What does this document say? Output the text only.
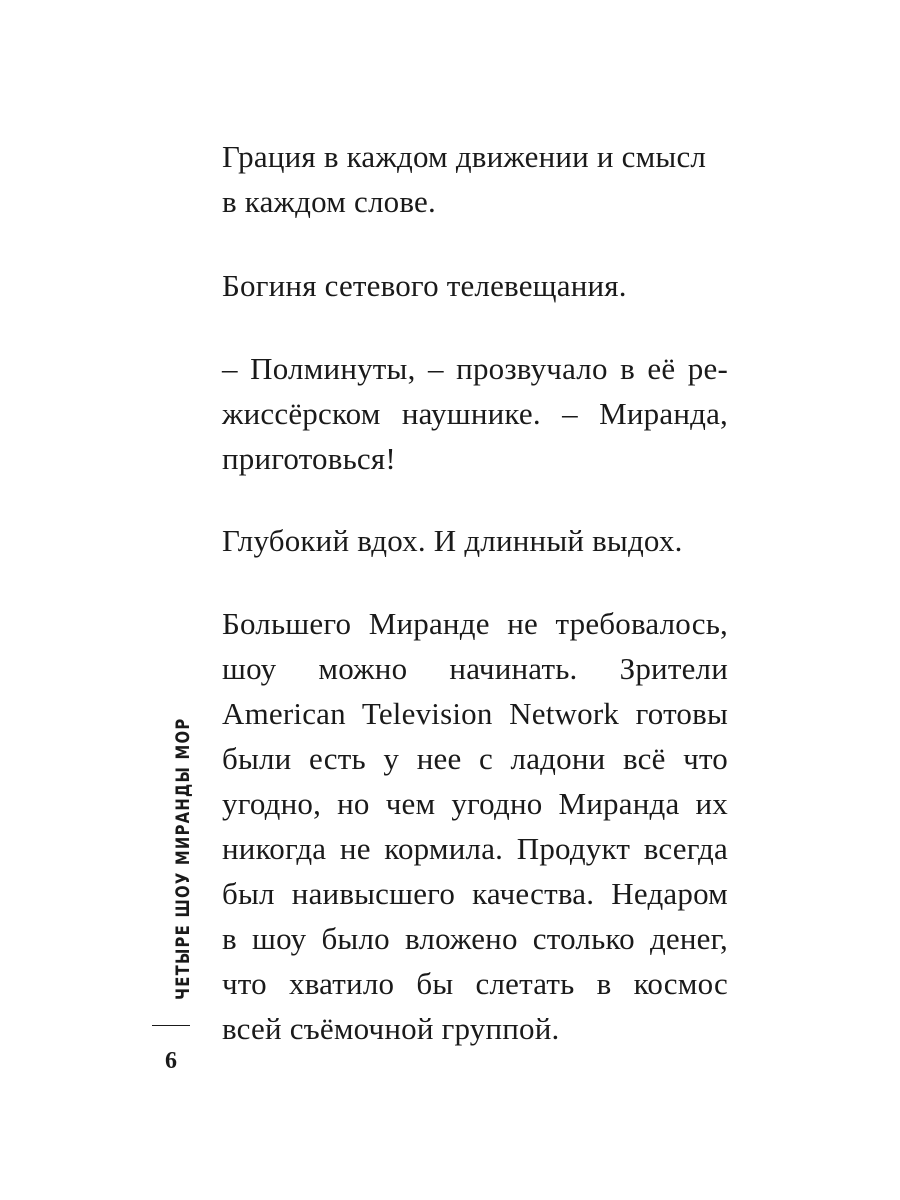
Грация в каждом движении и смысл

в каждом слове.

Богиня сетевого телевещания.

– Полминуты, – прозвучало в её ре-

жиссёрском наушнике. – Миранда,

приготовься!

Глубокий вдох. И длинный выдох.

Большего Миранде не требовалось,

шоу можно начинать. Зрители

American Television Network готовы

были есть у нее с ладони всё что

угодно, но чем угодно Миранда их

никогда не кормила. Продукт всегда

был наивысшего качества. Недаром

в шоу было вложено столько денег,

что хватило бы слетать в космос

всей съёмочной группой.

ЧЕТЫРЕ ШОУ МИРАНДЫ МОР
6
